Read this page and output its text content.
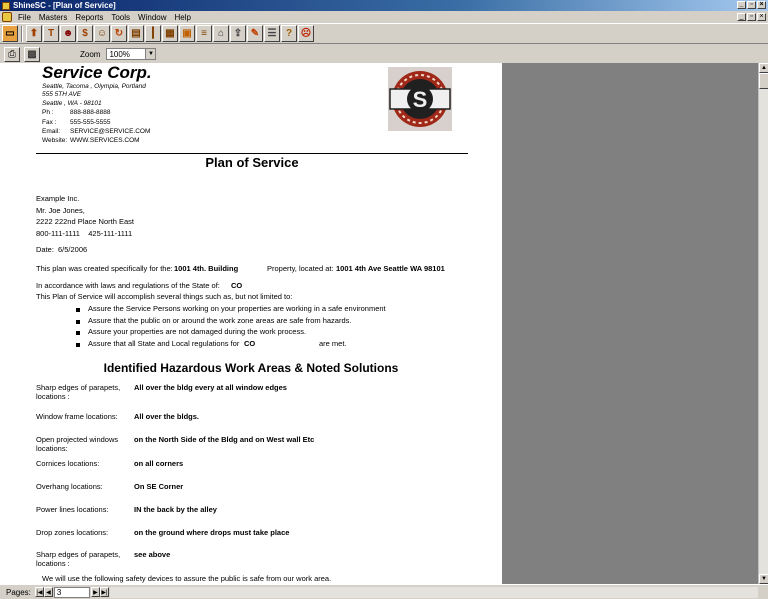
ShineSC - [Plan of Service]	_ ▫ ×
File	Masters	Reports	Tools	Window	Help	_ ▫ ×
▭	⬆ T ☻ $ ☺ ↻ ▤ ┃ ▦ ▣ ≡	⌂ ⇪ ✎ ☰ ? ☹
⎙	▩	Zoom 100%	▼
Service Corp.
Seattle, Tacoma , Olympia, Portland
555 5TH AVE
Seattle , WA - 98101
Ph :	888-888-8888
Fax : 555-555-5555
Email: SERVICE@SERVICE.COM
Website: WWW.SERVICES.COM
S
Plan of Service
Example Inc.
Mr. Joe Jones,
2222 222nd Place North East
800-111-1111    425-111-1111
Date: 6/5/2006
This plan was created specifically for the: 1001 4th. Building	Property, located at: 1001 4th Ave Seattle WA 98101
In accordance with laws and regulations of the State of: CO
This Plan of Service will accomplish several things such as, but not limited to:
Assure the Service Persons working on your properties are working in a safe environment
Assure that the public on or around the work zone areas are safe from hazards.
Assure your properties are not damaged during the work process.
Assure that all State and Local regulations for CO	are met.
Identified Hazardous Work Areas & Noted Solutions
Sharp edges of parapets, locations :
All over the bldg every at all window edges
Window frame locations:	All over the bldgs.
Open projected windows locations:
on the North Side of the Bldg and on West wall Etc
Cornices locations:	on all corners
Overhang locations:	On SE Corner
Power lines locations:	IN the back by the alley
Drop zones locations:	on the ground where drops must take place
Sharp edges of parapets, locations :
see above
We will use the following safety devices to assure the public is safe from our work area.
▲
▼
Pages: |◀ ◀ 3	▶ ▶|
